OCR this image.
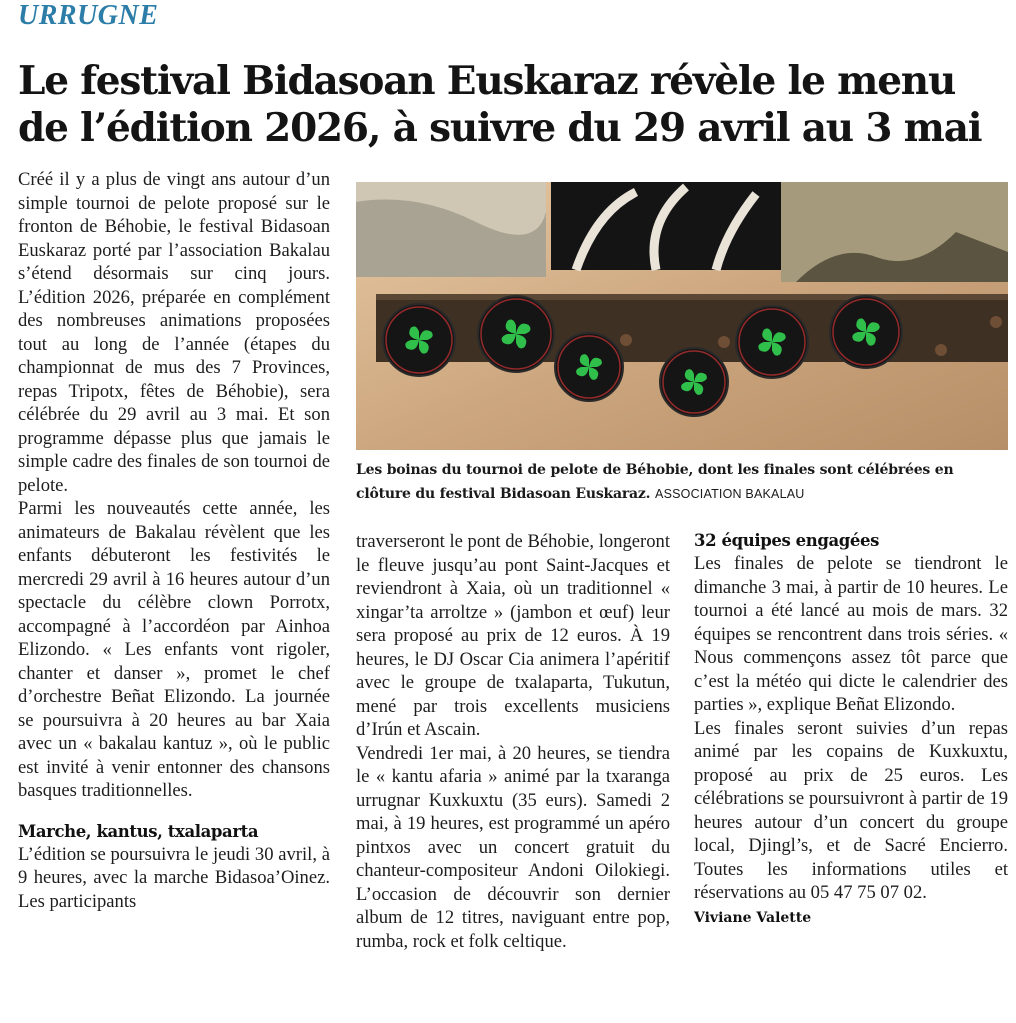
URRUGNE
Le festival Bidasoan Euskaraz révèle le menu de l’édition 2026, à suivre du 29 avril au 3 mai

Créé il y a plus de vingt ans autour d’un simple tournoi de pelote proposé sur le fronton de Béhobie, le festival Bidasoan Euskaraz porté par l’association Bakalau s’étend désormais sur cinq jours. L’édition 2026, préparée en complément des nombreuses animations proposées tout au long de l’année (étapes du championnat de mus des 7 Provinces, repas Tripotx, fêtes de Béhobie), sera célébrée du 29 avril au 3 mai. Et son programme dépasse plus que jamais le simple cadre des finales de son tournoi de pelote.

Parmi les nouveautés cette année, les animateurs de Bakalau révèlent que les enfants débuteront les festivités le mercredi 29 avril à 16 heures autour d’un spectacle du célèbre clown Porrotx, accompagné à l’accordéon par Ainhoa Elizondo. « Les enfants vont rigoler, chanter et danser », promet le chef d’orchestre Beñat Elizondo. La journée se poursuivra à 20 heures au bar Xaia avec un « bakalau kantuz », où le public est invité à venir entonner des chansons basques traditionnelles.

Marche, kantus, txalaparta

L’édition se poursuivra le jeudi 30 avril, à 9 heures, avec la marche Bidasoa’Oinez. Les participants

Les boinas du tournoi de pelote de Béhobie, dont les finales sont célébrées en clôture du festival Bidasoan Euskaraz. ASSOCIATION BAKALAU

traverseront le pont de Béhobie, longeront le fleuve jusqu’au pont Saint-Jacques et reviendront à Xaia, où un traditionnel « xingar’ta arroltze » (jambon et œuf) leur sera proposé au prix de 12 euros. À 19 heures, le DJ Oscar Cia animera l’apéritif avec le groupe de txalaparta, Tukutun, mené par trois excellents musiciens d’Irún et Ascain.

Vendredi 1er mai, à 20 heures, se tiendra le « kantu afaria » animé par la txaranga urrugnar Kuxkuxtu (35 eurs). Samedi 2 mai, à 19 heures, est programmé un apéro pintxos avec un concert gratuit du chanteur-compositeur Andoni Oilokiegi. L’occasion de découvrir son dernier album de 12 titres, naviguant entre pop, rumba, rock et folk celtique.

32 équipes engagées

Les finales de pelote se tiendront le dimanche 3 mai, à partir de 10 heures. Le tournoi a été lancé au mois de mars. 32 équipes se rencontrent dans trois séries. « Nous commençons assez tôt parce que c’est la météo qui dicte le calendrier des parties », explique Beñat Elizondo.

Les finales seront suivies d’un repas animé par les copains de Kuxkuxtu, proposé au prix de 25 euros. Les célébrations se poursuivront à partir de 19 heures autour d’un concert du groupe local, Djingl’s, et de Sacré Encierro. Toutes les informations utiles et réservations au 05 47 75 07 02.

Viviane Valette
